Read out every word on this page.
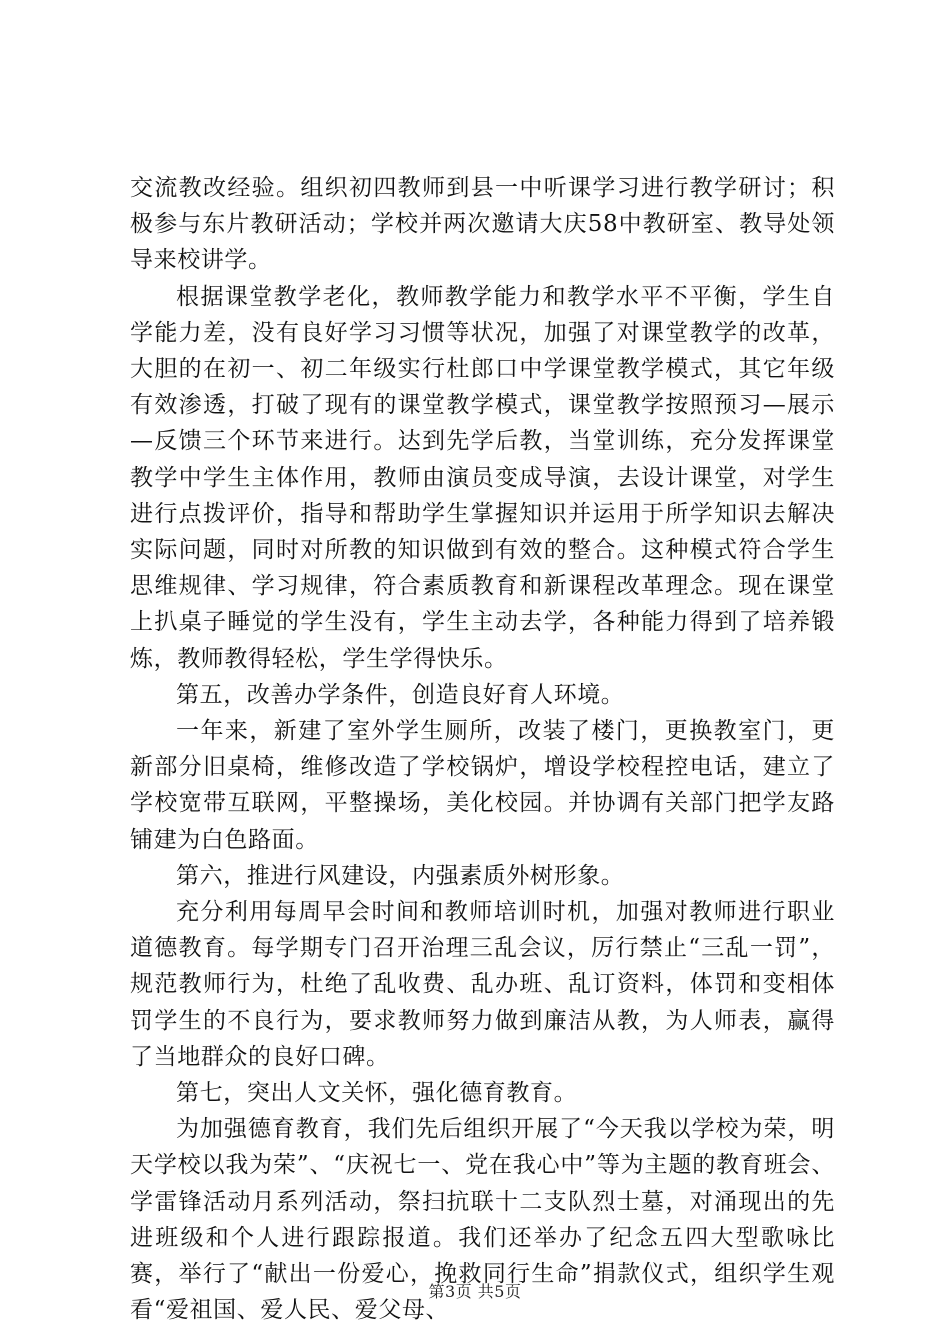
交流教改经验。组织初四教师到县一中听课学习进行教学研讨；积极参与东片教研活动；学校并两次邀请大庆58中教研室、教导处领导来校讲学。

根据课堂教学老化，教师教学能力和教学水平不平衡，学生自学能力差，没有良好学习习惯等状况，加强了对课堂教学的改革，大胆的在初一、初二年级实行杜郎口中学课堂教学模式，其它年级有效渗透，打破了现有的课堂教学模式，课堂教学按照预习—展示—反馈三个环节来进行。达到先学后教，当堂训练，充分发挥课堂教学中学生主体作用，教师由演员变成导演，去设计课堂，对学生进行点拨评价，指导和帮助学生掌握知识并运用于所学知识去解决实际问题，同时对所教的知识做到有效的整合。这种模式符合学生思维规律、学习规律，符合素质教育和新课程改革理念。现在课堂上扒桌子睡觉的学生没有，学生主动去学，各种能力得到了培养锻炼，教师教得轻松，学生学得快乐。

第五，改善办学条件，创造良好育人环境。

一年来，新建了室外学生厕所，改装了楼门，更换教室门，更新部分旧桌椅，维修改造了学校锅炉，增设学校程控电话，建立了学校宽带互联网，平整操场，美化校园。并协调有关部门把学友路铺建为白色路面。

第六，推进行风建设，内强素质外树形象。

充分利用每周早会时间和教师培训时机，加强对教师进行职业道德教育。每学期专门召开治理三乱会议，厉行禁止“三乱一罚”，规范教师行为，杜绝了乱收费、乱办班、乱订资料，体罚和变相体罚学生的不良行为，要求教师努力做到廉洁从教，为人师表，赢得了当地群众的良好口碑。

第七，突出人文关怀，强化德育教育。

为加强德育教育，我们先后组织开展了“今天我以学校为荣，明天学校以我为荣”、“庆祝七一、党在我心中”等为主题的教育班会、学雷锋活动月系列活动，祭扫抗联十二支队烈士墓，对涌现出的先进班级和个人进行跟踪报道。我们还举办了纪念五四大型歌咏比赛，举行了“献出一份爱心，挽救同行生命”捐款仪式，组织学生观看“爱祖国、爱人民、爱父母、

第3页 共5页
